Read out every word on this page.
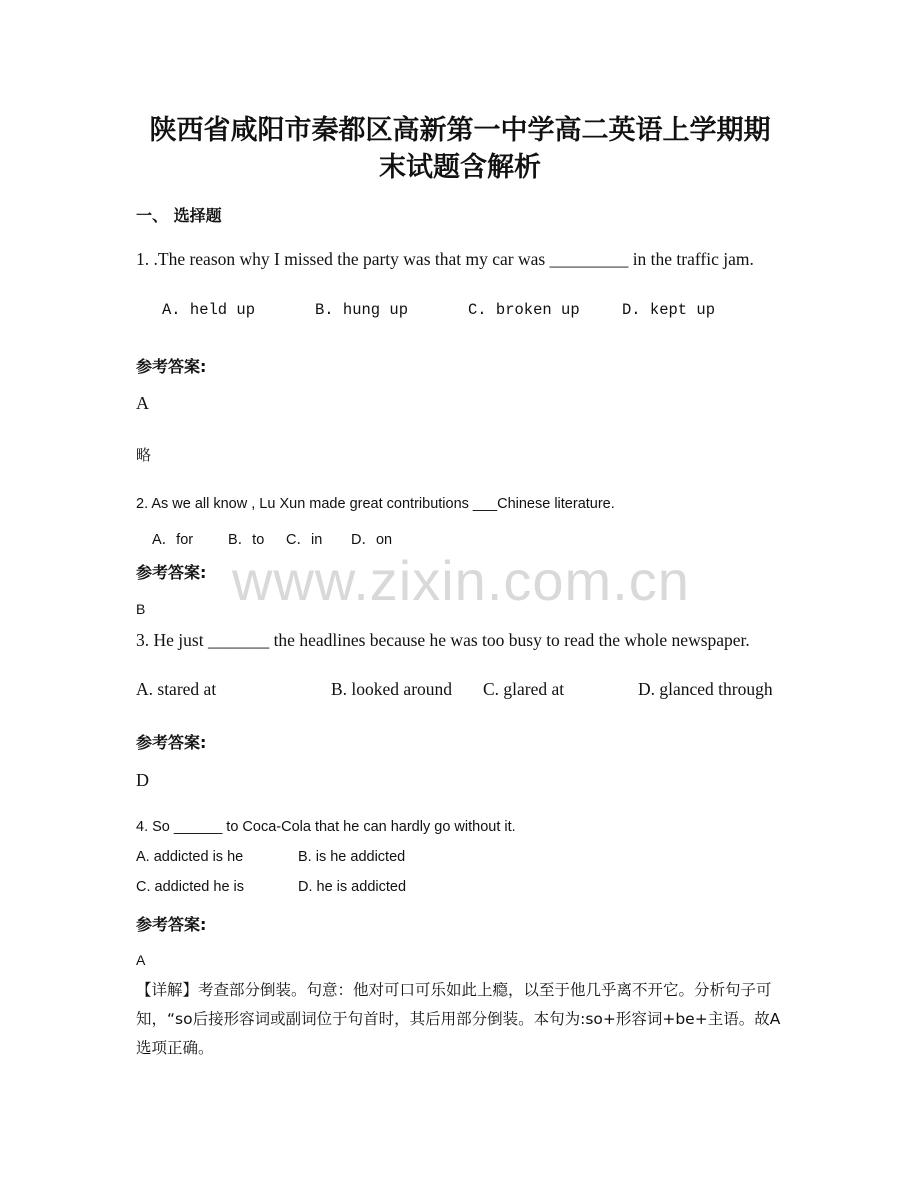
www.zixin.com.cn
陕西省咸阳市秦都区高新第一中学高二英语上学期期
末试题含解析
一、 选择题
1. .The reason why I missed the party was that my car was _________ in the traffic jam.
A. held up	B. hung up	C. broken up	D. kept up
参考答案:
A
略
2. As we all know , Lu Xun made great contributions ___Chinese literature.
A．for B．to C．in D．on
参考答案:
B
3. He just _______ the headlines because he was too busy to read the whole newspaper.
A. stared at	B. looked around C. glared at	D. glanced through
参考答案:
D
4. So ______ to Coca-Cola that he can hardly go without it.
A. addicted is he	B. is he addicted
C. addicted he is	D. he is addicted
参考答案:
A
【详解】考查部分倒装。句意：他对可口可乐如此上瘾，以至于他几乎离不开它。分析句子可知，“so后接形容词或副词位于句首时，其后用部分倒装。本句为:so+形容词+be+主语。故A选项正确。
